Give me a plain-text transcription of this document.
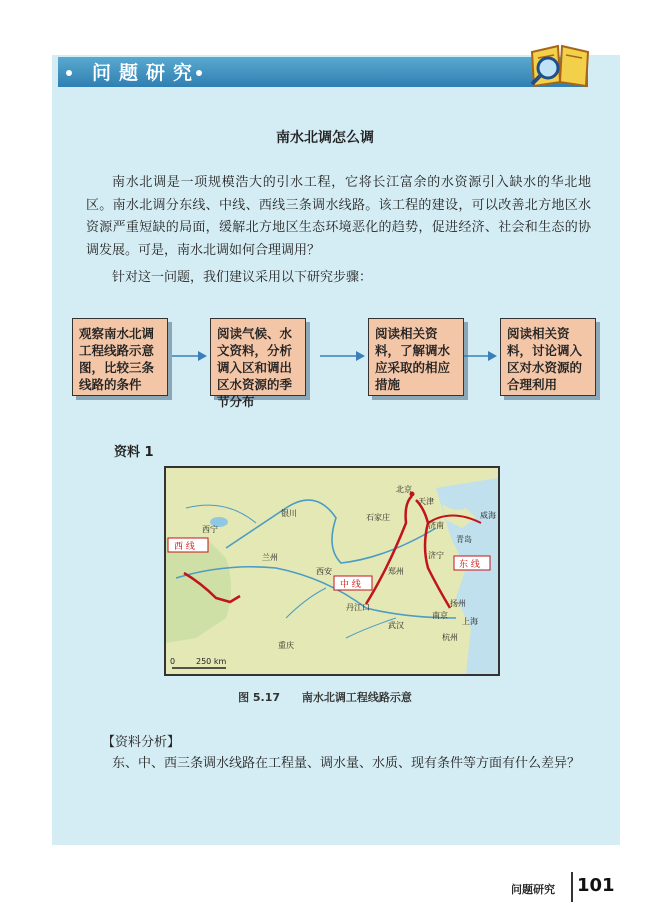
问题研究
南水北调怎么调
南水北调是一项规模浩大的引水工程，它将长江富余的水资源引入缺水的华北地区。南水北调分东线、中线、西线三条调水线路。该工程的建设，可以改善北方地区水资源严重短缺的局面，缓解北方地区生态环境恶化的趋势，促进经济、社会和生态的协调发展。可是，南水北调如何合理调用？
针对这一问题，我们建议采用以下研究步骤：
观察南水北调工程线路示意图，比较三条线路的条件
阅读气候、水文资料，分析调入区和调出区水资源的季节分布
阅读相关资料，了解调水应采取的相应措施
阅读相关资料，讨论调入区对水资源的合理利用
资料 1
西 线
中 线
东 线
北京
天津
石家庄
济南
威海
青岛
济宁
郑州
西安
兰州
银川
丹江口
武汉
重庆
南京
扬州
上海
杭州
西宁
0	250 km
图 5.17 南水北调工程线路示意
【资料分析】
东、中、西三条调水线路在工程量、调水量、水质、现有条件等方面有什么差异？
问题研究 101
